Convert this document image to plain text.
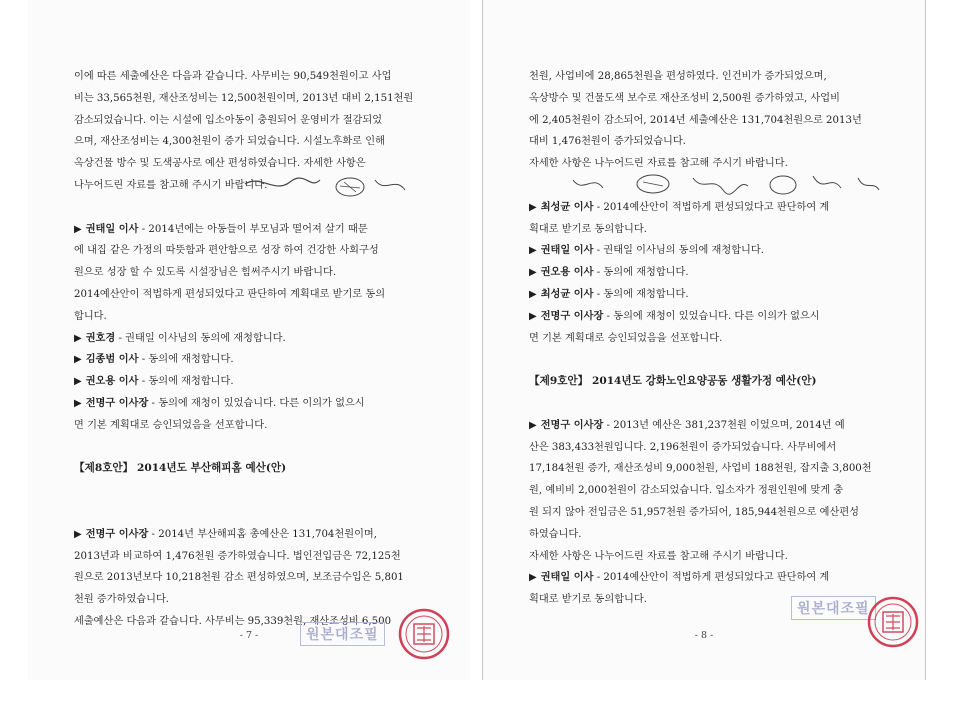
이에 따른 세출예산은 다음과 같습니다. 사무비는 90,549천원이고 사업

비는 33,565천원, 재산조성비는 12,500천원이며, 2013년 대비 2,151천원

감소되었습니다. 이는 시설에 입소아동이 충원되어 운영비가 절감되었

으며, 재산조성비는 4,300천원이 증가 되었습니다. 시설노후화로 인해

옥상건물 방수 및 도색공사로 예산 편성하였습니다. 자세한 사항은

나누어드린 자료를 참고해 주시기 바랍니다.

▶ 권태일 이사 - 2014년에는 아동들이 부모님과 떨어져 살기 때문

에 내집 같은 가정의 따뜻함과 편안함으로 성장 하여 건강한 사회구성

원으로 성장 할 수 있도록 시설장님은 힘써주시기 바랍니다.

2014예산안이 적법하게 편성되었다고 판단하여 계획대로 받기로 동의

합니다.

▶ 권호경 - 권태일 이사님의 동의에 재청합니다.

▶ 김종범 이사 - 동의에 재청합니다.

▶ 권오용 이사 - 동의에 재청합니다.

▶ 전명구 이사장 - 동의에 재청이 있었습니다. 다른 이의가 없으시

면 기본 계획대로 승인되었음을 선포합니다.

【제8호안】 2014년도 부산해피홈 예산(안)

▶ 전명구 이사장 - 2014년 부산해피홈 총예산은 131,704천원이며,

2013년과 비교하여 1,476천원 증가하였습니다. 법인전입금은 72,125천

원으로 2013년보다 10,218천원 감소 편성하였으며, 보조금수입은 5,801

천원 증가하였습니다.

세출예산은 다음과 같습니다. 사무비는 95,339천원, 재산조성비 6,500

- 7 -	원본대조필

천원, 사업비에 28,865천원을 편성하였다. 인건비가 증가되었으며,

옥상방수 및 건물도색 보수로 재산조성비 2,500원 증가하였고, 사업비

에 2,405천원이 감소되어, 2014년 세출예산은 131,704천원으로 2013년

대비 1,476천원이 증가되었습니다.

자세한 사항은 나누어드린 자료를 참고해 주시기 바랍니다.

▶ 최성균 이사 - 2014예산안이 적법하게 편성되었다고 판단하여 계

획대로 받기로 동의합니다.

▶ 권태일 이사 - 권태일 이사님의 동의에 재청합니다.

▶ 권오용 이사 - 동의에 재청합니다.

▶ 최성균 이사 - 동의에 재청합니다.

▶ 전명구 이사장 - 동의에 재청이 있었습니다. 다른 이의가 없으시

면 기본 계획대로 승인되었음을 선포합니다.

【제9호안】 2014년도 강화노인요양공동 생활가정 예산(안)

▶ 전명구 이사장 - 2013년 예산은 381,237천원 이었으며, 2014년 예

산은 383,433천원입니다. 2,196천원이 증가되었습니다. 사무비에서

17,184천원 증가, 재산조성비 9,000천원, 사업비 188천원, 잡지출 3,800천

원, 예비비 2,000천원이 감소되었습니다. 입소자가 정원인원에 맞게 충

원 되지 않아 전입금은 51,957천원 증가되어, 185,944천원으로 예산편성

하였습니다.

자세한 사항은 나누어드린 자료를 참고해 주시기 바랍니다.

▶ 권태일 이사 - 2014예산안이 적법하게 편성되었다고 판단하여 계

획대로 받기로 동의합니다.

- 8 -
원본대조필
